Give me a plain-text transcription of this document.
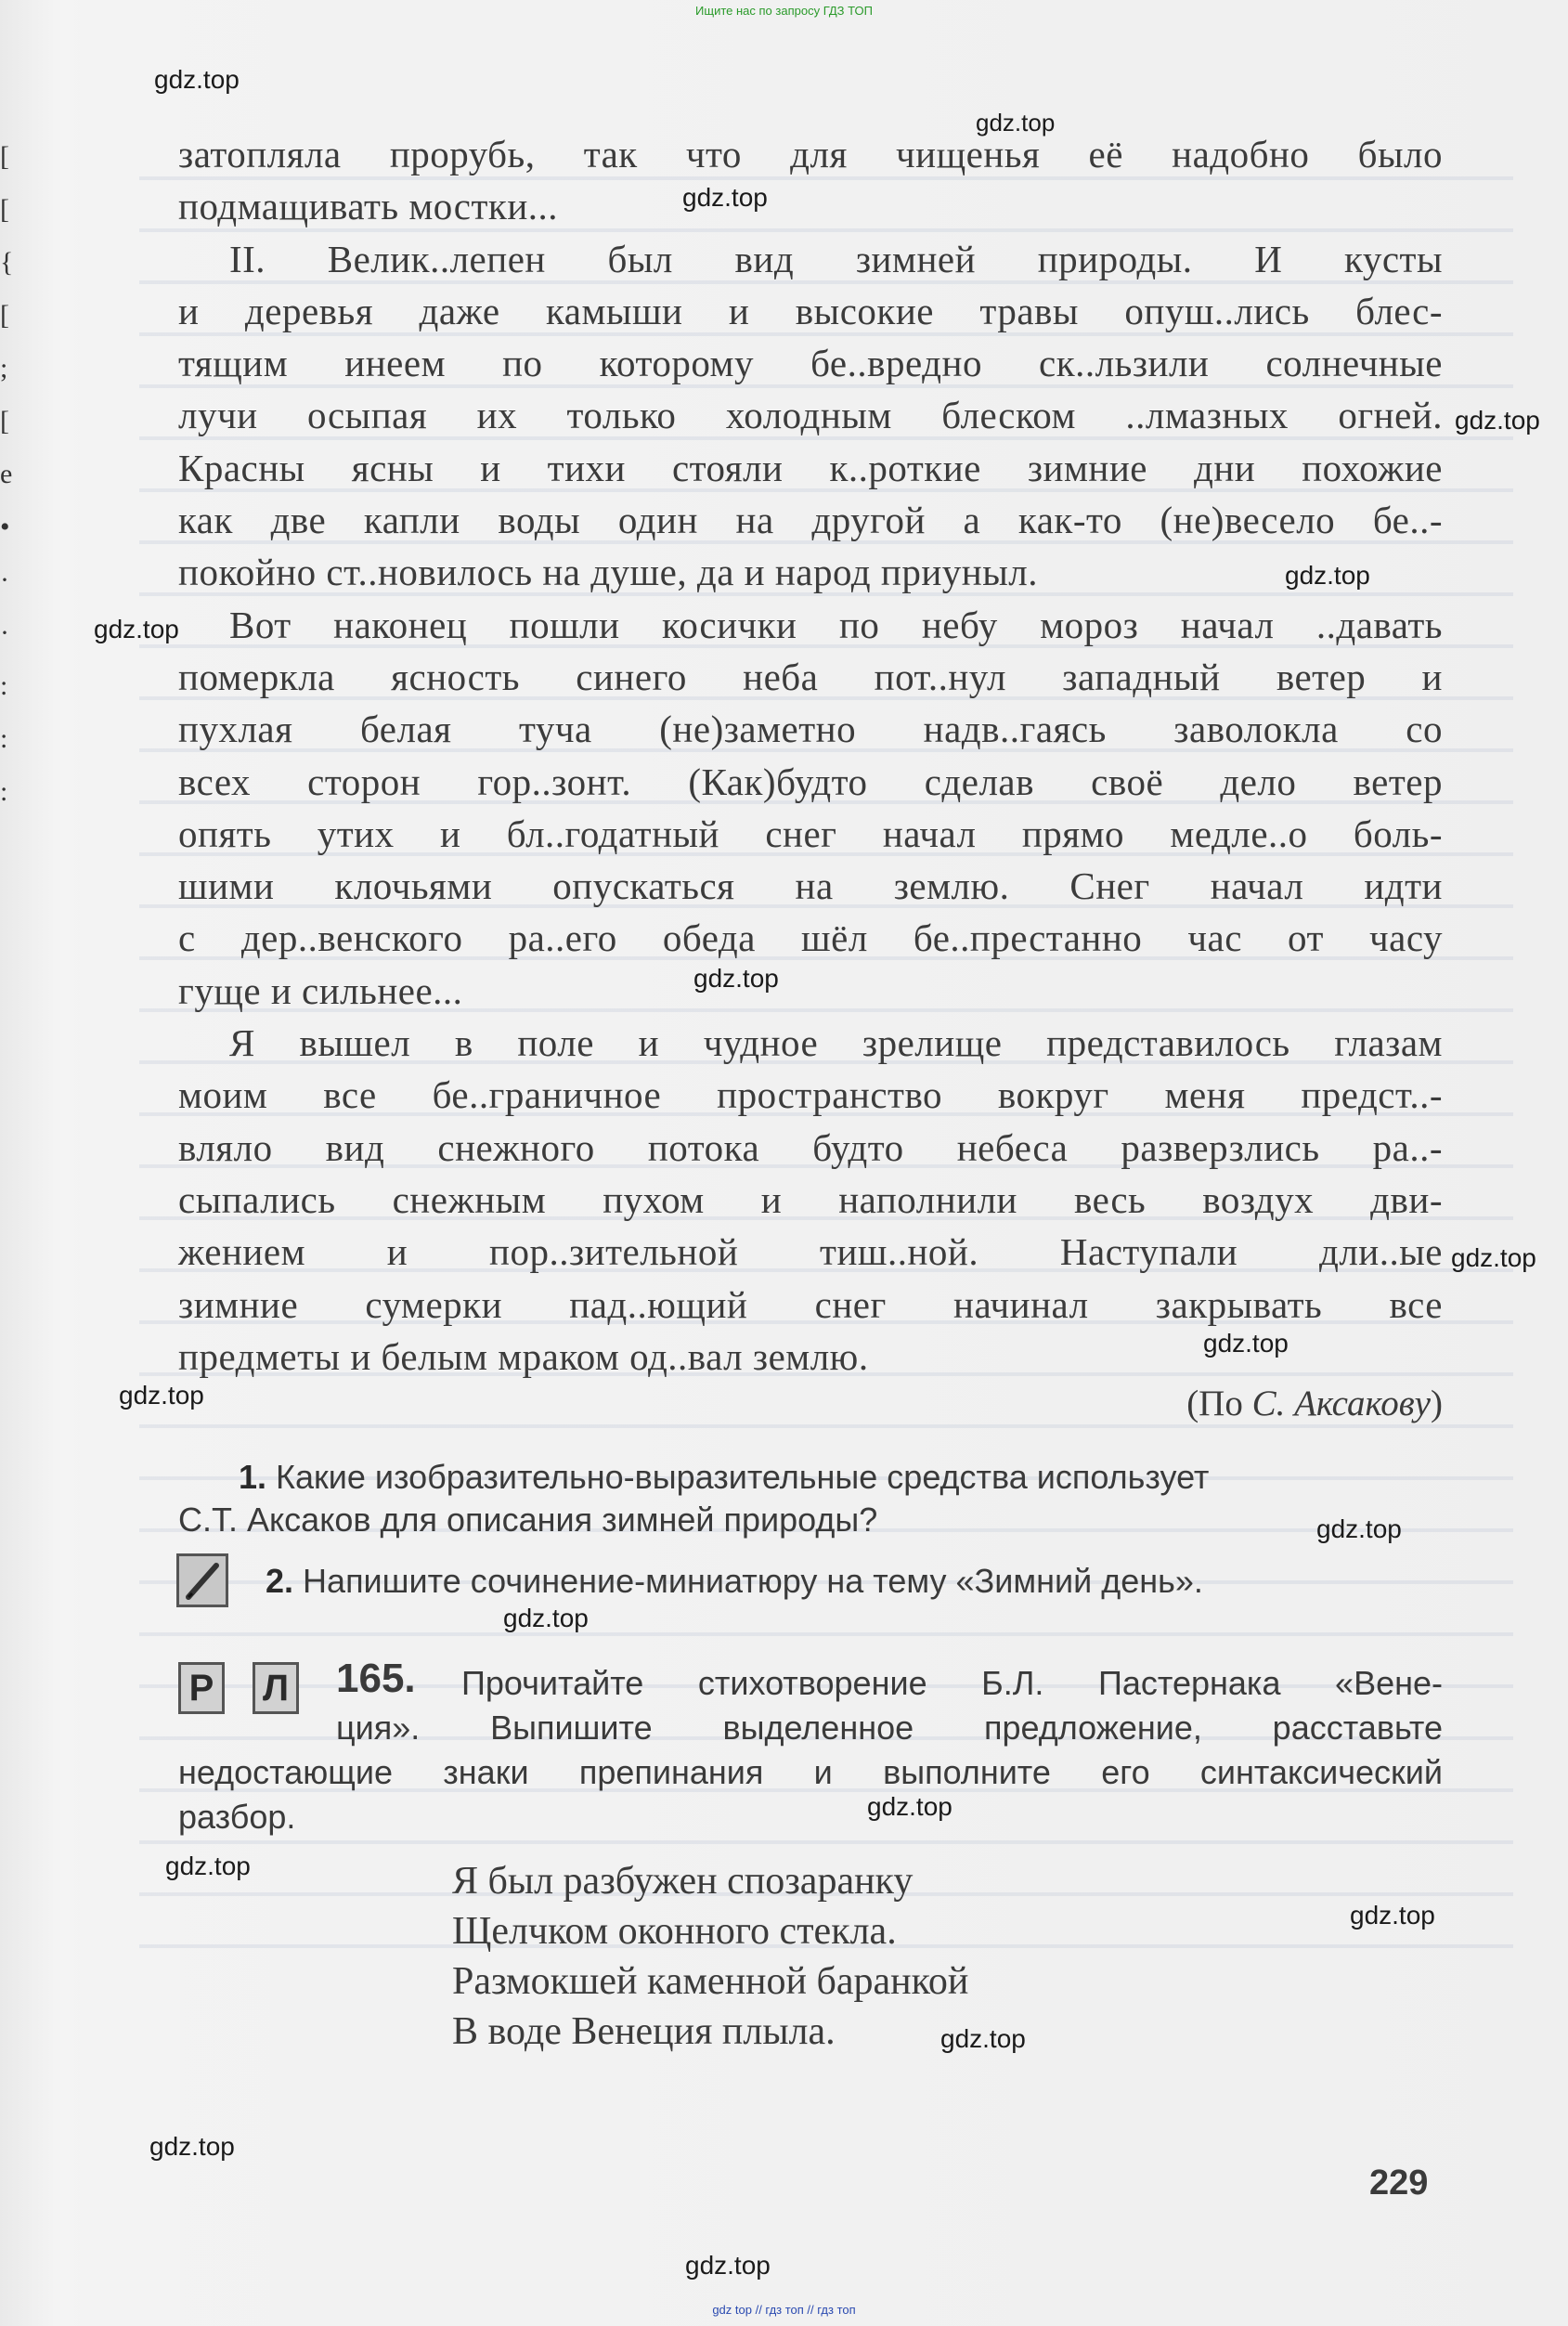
Ищите нас по запросу ГДЗ ТОП
[
[
{
[
;
[
e
•
·
·
:
:
:
затопляла прорубь, так что для чищенья её надобно было
подмащивать мостки...
II. Велик..лепен был вид зимней природы. И кусты
и деревья даже камыши и высокие травы опуш..лись блес-
тящим инеем по которому бе..вредно ск..льзили солнечные
лучи осыпая их только холодным блеском ..лмазных огней.
Красны ясны и тихи стояли к..роткие зимние дни похожие
как две капли воды один на другой а как-то (не)весело бе..-
покойно ст..новилось на душе, да и народ приуныл.
Вот наконец пошли косички по небу мороз начал ..давать
померкла ясность синего неба пот..нул западный ветер и
пухлая белая туча (не)заметно надв..гаясь заволокла со
всех сторон гор..зонт. (Как)будто сделав своё дело ветер
опять утих и бл..годатный снег начал прямо медле..о боль-
шими клочьями опускаться на землю. Снег начал идти
с дер..венского ра..его обеда шёл бе..престанно час от часу
гуще и сильнее...
Я вышел в поле и чудное зрелище представилось глазам
моим все бе..граничное пространство вокруг меня предст..-
вляло вид снежного потока будто небеса разверзлись ра..-
сыпались снежным пухом и наполнили весь воздух дви-
жением и пор..зительной тиш..ной. Наступали дли..ые
зимние сумерки пад..ющий снег начинал закрывать все
предметы и белым мраком од..вал землю.
(По С. Аксакову)
1. Какие изобразительно-выразительные средства использует
С.Т. Аксаков для описания зимней природы?
2. Напишите сочинение-миниатюру на тему «Зимний день».
Р Л 165. Прочитайте стихотворение Б.Л. Пастернака «Вене-
ция». Выпишите выделенное предложение, расставьте
недостающие знаки препинания и выполните его синтаксический
разбор.
Я был разбужен спозаранку
Щелчком оконного стекла.
Размокшей каменной баранкой
В воде Венеция плыла.
229
gdz.top
gdz.top
gdz.top
gdz.top
gdz.top
gdz.top
gdz.top
gdz.top
gdz.top
gdz.top
gdz.top
gdz.top
gdz.top
gdz.top
gdz.top
gdz.top
gdz.top
gdz.top
gdz top // гдз топ // гдз топ
